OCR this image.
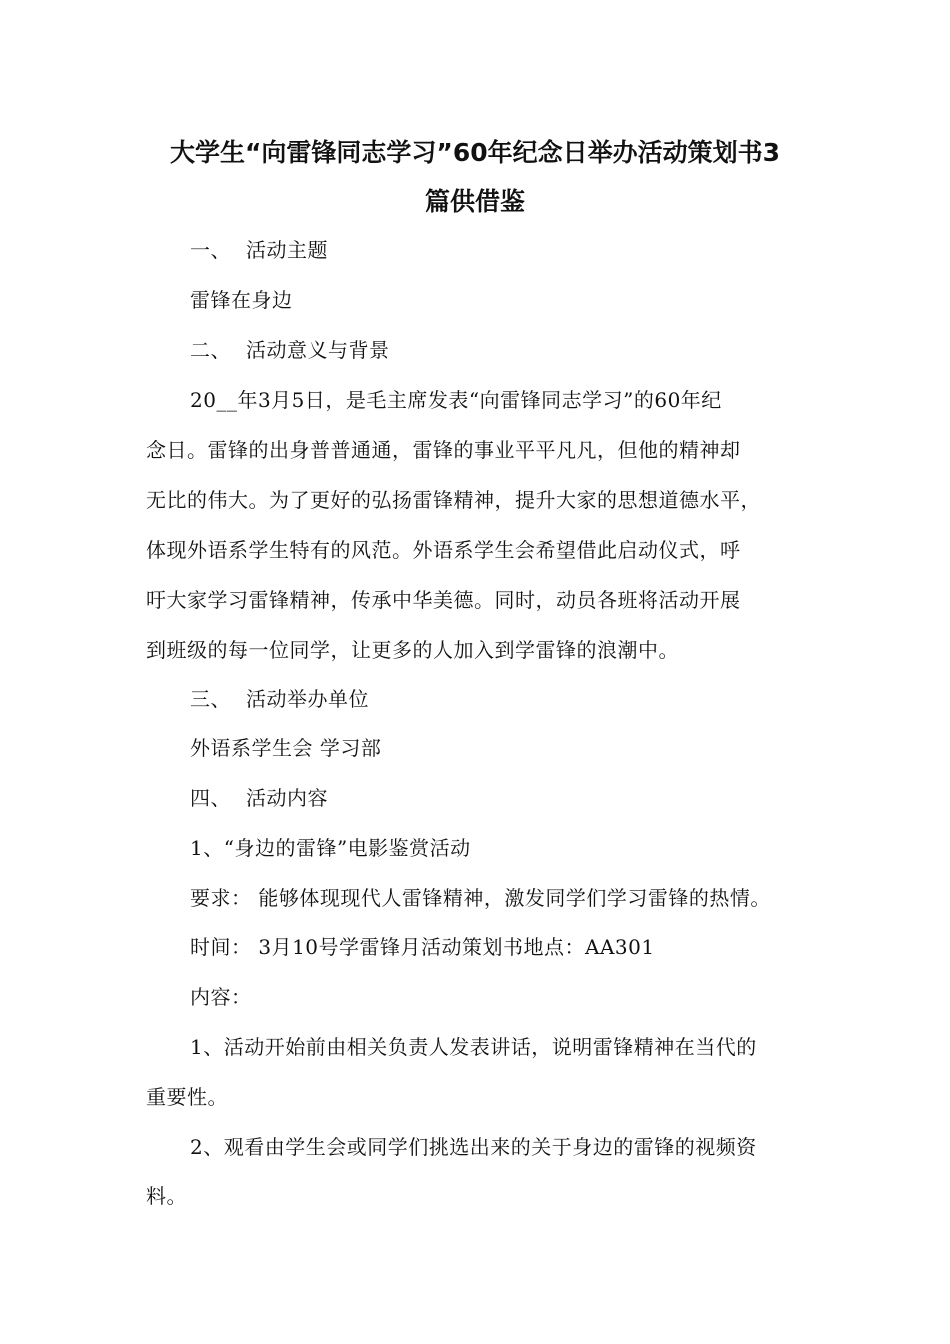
大学生“向雷锋同志学习”60年纪念日举办活动策划书3
篇供借鉴

一、 活动主题

雷锋在身边

二、 活动意义与背景

20__年3月5日，是毛主席发表“向雷锋同志学习”的60年纪

念日。雷锋的出身普普通通，雷锋的事业平平凡凡，但他的精神却

无比的伟大。为了更好的弘扬雷锋精神，提升大家的思想道德水平，

体现外语系学生特有的风范。外语系学生会希望借此启动仪式，呼

吁大家学习雷锋精神，传承中华美德。同时，动员各班将活动开展

到班级的每一位同学，让更多的人加入到学雷锋的浪潮中。

三、 活动举办单位

外语系学生会 学习部

四、 活动内容

1、“身边的雷锋”电影鉴赏活动

要求： 能够体现现代人雷锋精神，激发同学们学习雷锋的热情。

时间： 3月10号学雷锋月活动策划书地点：AA301

内容：

1、活动开始前由相关负责人发表讲话，说明雷锋精神在当代的

重要性。

2、观看由学生会或同学们挑选出来的关于身边的雷锋的视频资

料。
